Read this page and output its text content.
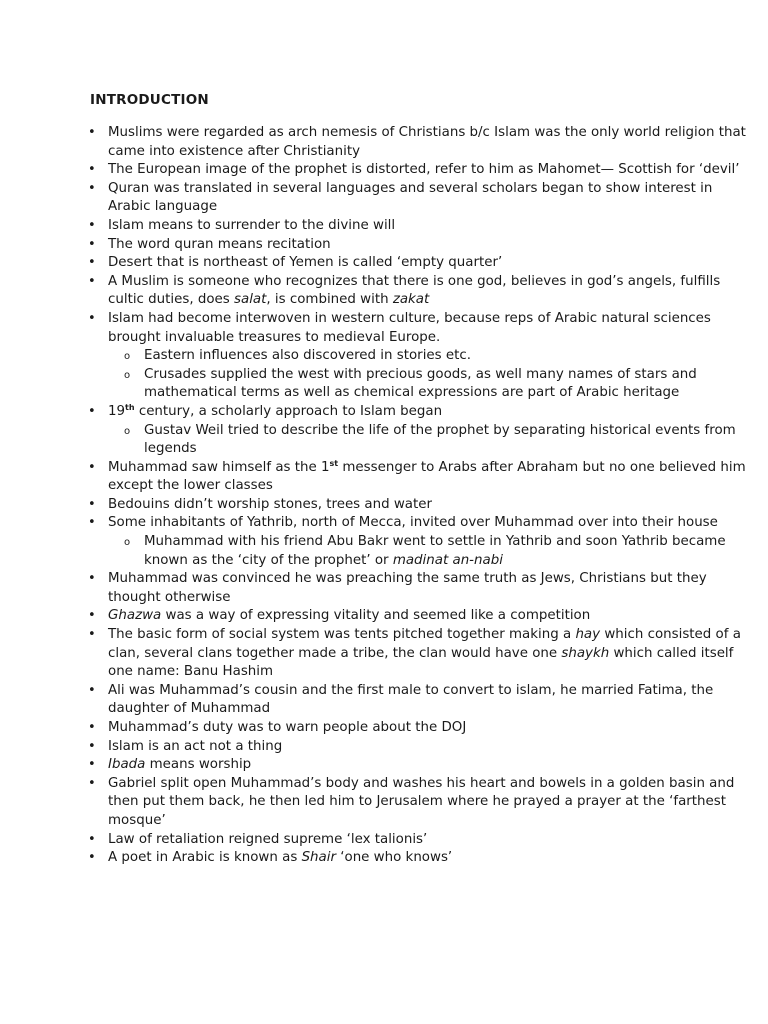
INTRODUCTION
• Muslims were regarded as arch nemesis of Christians b/c Islam was the only world religion that came into existence after Christianity
• The European image of the prophet is distorted, refer to him as Mahomet— Scottish for ‘devil’
• Quran was translated in several languages and several scholars began to show interest in Arabic language
• Islam means to surrender to the divine will
• The word quran means recitation
• Desert that is northeast of Yemen is called ‘empty quarter’
• A Muslim is someone who recognizes that there is one god, believes in god’s angels, fulfills cultic duties, does salat, is combined with zakat
• Islam had become interwoven in western culture, because reps of Arabic natural sciences brought invaluable treasures to medieval Europe.
o Eastern influences also discovered in stories etc.
o Crusades supplied the west with precious goods, as well many names of stars and mathematical terms as well as chemical expressions are part of Arabic heritage
• 19th century, a scholarly approach to Islam began
o Gustav Weil tried to describe the life of the prophet by separating historical events from legends
• Muhammad saw himself as the 1st messenger to Arabs after Abraham but no one believed him except the lower classes
• Bedouins didn’t worship stones, trees and water
• Some inhabitants of Yathrib, north of Mecca, invited over Muhammad over into their house
o Muhammad with his friend Abu Bakr went to settle in Yathrib and soon Yathrib became known as the ‘city of the prophet’ or madinat an-nabi
• Muhammad was convinced he was preaching the same truth as Jews, Christians but they thought otherwise
• Ghazwa was a way of expressing vitality and seemed like a competition
• The basic form of social system was tents pitched together making a hay which consisted of a clan, several clans together made a tribe, the clan would have one shaykh which called itself one name: Banu Hashim
• Ali was Muhammad’s cousin and the first male to convert to islam, he married Fatima, the daughter of Muhammad
• Muhammad’s duty was to warn people about the DOJ
• Islam is an act not a thing
• Ibada means worship
• Gabriel split open Muhammad’s body and washes his heart and bowels in a golden basin and then put them back, he then led him to Jerusalem where he prayed a prayer at the ‘farthest mosque’
• Law of retaliation reigned supreme ‘lex talionis’
• A poet in Arabic is known as Shair ‘one who knows’
